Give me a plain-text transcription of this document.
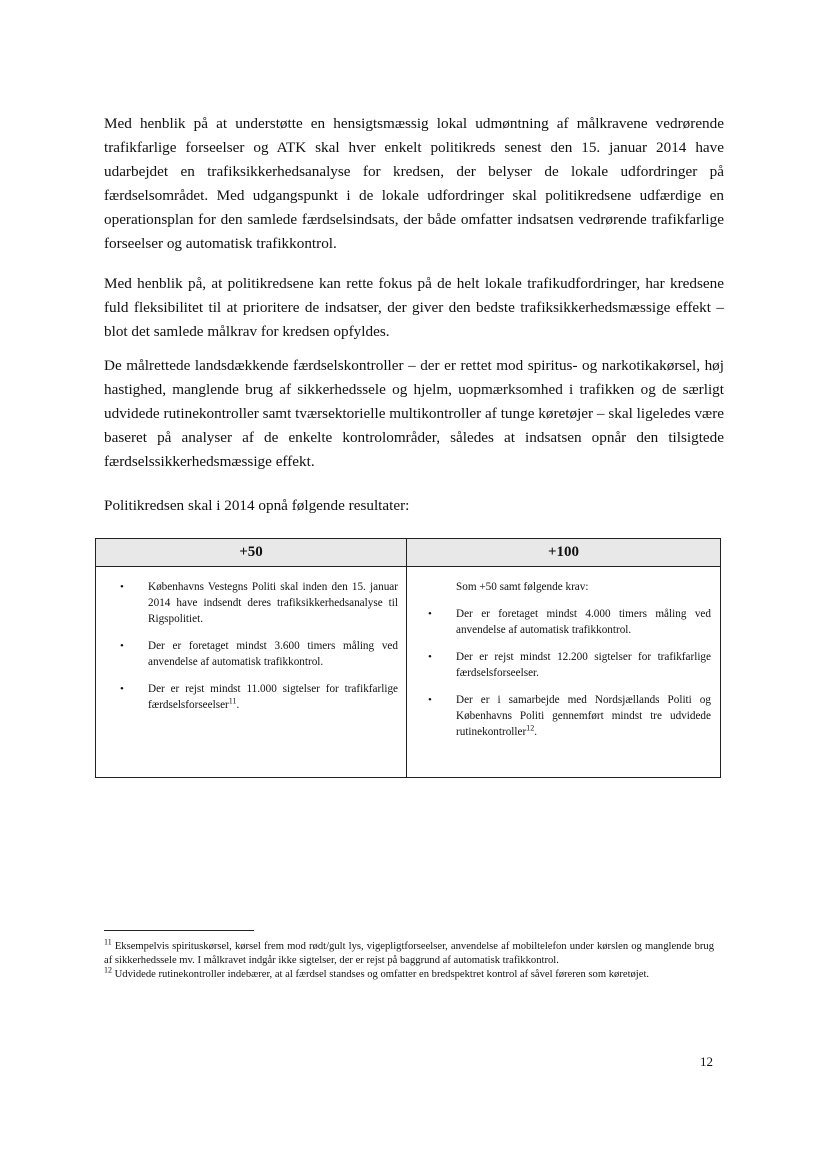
Med henblik på at understøtte en hensigtsmæssig lokal udmøntning af målkravene vedrørende trafikfarlige forseelser og ATK skal hver enkelt politikreds senest den 15. januar 2014 have udarbejdet en trafiksikkerhedsanalyse for kredsen, der belyser de lokale udfordringer på færdselsområdet. Med udgangspunkt i de lokale udfordringer skal politikredsene udfærdige en operationsplan for den samlede færdselsindsats, der både omfatter indsatsen vedrørende trafikfarlige forseelser og automatisk trafikkontrol.

Med henblik på, at politikredsene kan rette fokus på de helt lokale trafikudfordringer, har kredsene fuld fleksibilitet til at prioritere de indsatser, der giver den bedste trafiksikkerhedsmæssige effekt – blot det samlede målkrav for kredsen opfyldes.

De målrettede landsdækkende færdselskontroller – der er rettet mod spiritus- og narkotikakørsel, høj hastighed, manglende brug af sikkerhedssele og hjelm, uopmærksomhed i trafikken og de særligt udvidede rutinekontroller samt tværsektorielle multikontroller af tunge køretøjer – skal ligeledes være baseret på analyser af de enkelte kontrolområder, således at indsatsen opnår den tilsigtede færdselssikkerhedsmæssige effekt.

Politikredsen skal i 2014 opnå følgende resultater:

+50	+100
• Københavns Vestegns Politi skal inden den 15. januar 2014 have indsendt deres trafiksikkerhedsanalyse til Rigspolitiet.
• Der er foretaget mindst 3.600 timers måling ved anvendelse af automatisk trafikkontrol.
• Der er rejst mindst 11.000 sigtelser for trafikfarlige færdselsforseelser$^{11}$.

Som +50 samt følgende krav:

• Der er foretaget mindst 4.000 timers måling ved anvendelse af automatisk trafikkontrol.
• Der er rejst mindst 12.200 sigtelser for trafikfarlige færdselsforseelser.
• Der er i samarbejde med Nordsjællands Politi og Københavns Politi gennemført mindst tre udvidede rutinekontroller$^{12}$.

$^{11}$ Eksempelvis spirituskørsel, kørsel frem mod rødt/gult lys, vigepligtforseelser, anvendelse af mobiltelefon under kørslen og manglende brug af sikkerhedssele mv. I målkravet indgår ikke sigtelser, der er rejst på baggrund af automatisk trafikkontrol.

$^{12}$ Udvidede rutinekontroller indebærer, at al færdsel standses og omfatter en bredspektret kontrol af såvel føreren som køretøjet.

12
